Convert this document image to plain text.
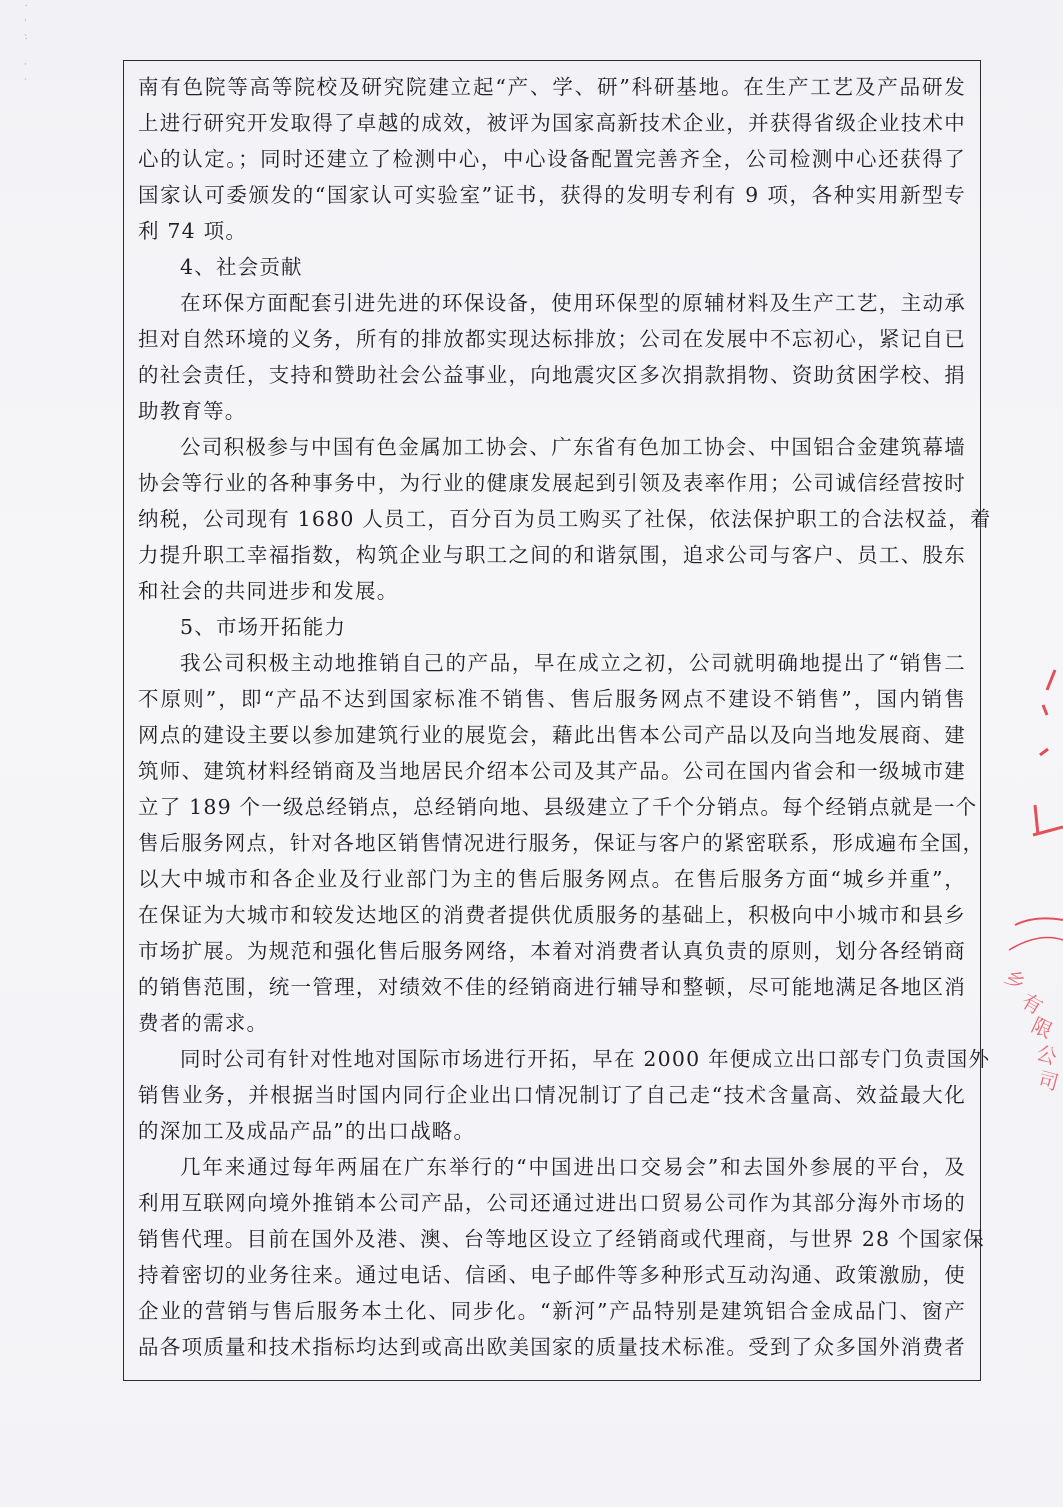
˙
·
ˎ
˙

·
ˎ	南有色院等高等院校及研究院建立起“产、学、研”科研基地。在生产工艺及产品研发
上进行研究开发取得了卓越的成效，被评为国家高新技术企业，并获得省级企业技术中
心的认定。；同时还建立了检测中心，中心设备配置完善齐全，公司检测中心还获得了
国家认可委颁发的“国家认可实验室”证书，获得的发明专利有 9 项，各种实用新型专
利 74 项。
4、社会贡献
在环保方面配套引进先进的环保设备，使用环保型的原辅材料及生产工艺，主动承
担对自然环境的义务，所有的排放都实现达标排放；公司在发展中不忘初心，紧记自已
的社会责任，支持和赞助社会公益事业，向地震灾区多次捐款捐物、资助贫困学校、捐
助教育等。
公司积极参与中国有色金属加工协会、广东省有色加工协会、中国铝合金建筑幕墙
协会等行业的各种事务中，为行业的健康发展起到引领及表率作用；公司诚信经营按时
纳税，公司现有 1680 人员工，百分百为员工购买了社保，依法保护职工的合法权益，着
力提升职工幸福指数，构筑企业与职工之间的和谐氛围，追求公司与客户、员工、股东
和社会的共同进步和发展。
5、市场开拓能力
我公司积极主动地推销自己的产品，早在成立之初，公司就明确地提出了“销售二
不原则”，即“产品不达到国家标准不销售、售后服务网点不建设不销售”，国内销售
网点的建设主要以参加建筑行业的展览会，藉此出售本公司产品以及向当地发展商、建
筑师、建筑材料经销商及当地居民介绍本公司及其产品。公司在国内省会和一级城市建
立了 189 个一级总经销点，总经销向地、县级建立了千个分销点。每个经销点就是一个
售后服务网点，针对各地区销售情况进行服务，保证与客户的紧密联系，形成遍布全国，
以大中城市和各企业及行业部门为主的售后服务网点。在售后服务方面“城乡并重”，
在保证为大城市和较发达地区的消费者提供优质服务的基础上，积极向中小城市和县乡
市场扩展。为规范和强化售后服务网络，本着对消费者认真负责的原则，划分各经销商
的销售范围，统一管理，对绩效不佳的经销商进行辅导和整顿，尽可能地满足各地区消
费者的需求。
同时公司有针对性地对国际市场进行开拓，早在 2000 年便成立出口部专门负责国外
销售业务，并根据当时国内同行企业出口情况制订了自己走“技术含量高、效益最大化
的深加工及成品产品”的出口战略。
几年来通过每年两届在广东举行的“中国进出口交易会”和去国外参展的平台，及
利用互联网向境外推销本公司产品，公司还通过进出口贸易公司作为其部分海外市场的
销售代理。目前在国外及港、澳、台等地区设立了经销商或代理商，与世界 28 个国家保
持着密切的业务往来。通过电话、信函、电子邮件等多种形式互动沟通、政策激励，使
企业的营销与售后服务本土化、同步化。“新河”产品特别是建筑铝合金成品门、窗产
品各项质量和技术指标均达到或高出欧美国家的质量技术标准。受到了众多国外消费者
乡
有
限
公
司
